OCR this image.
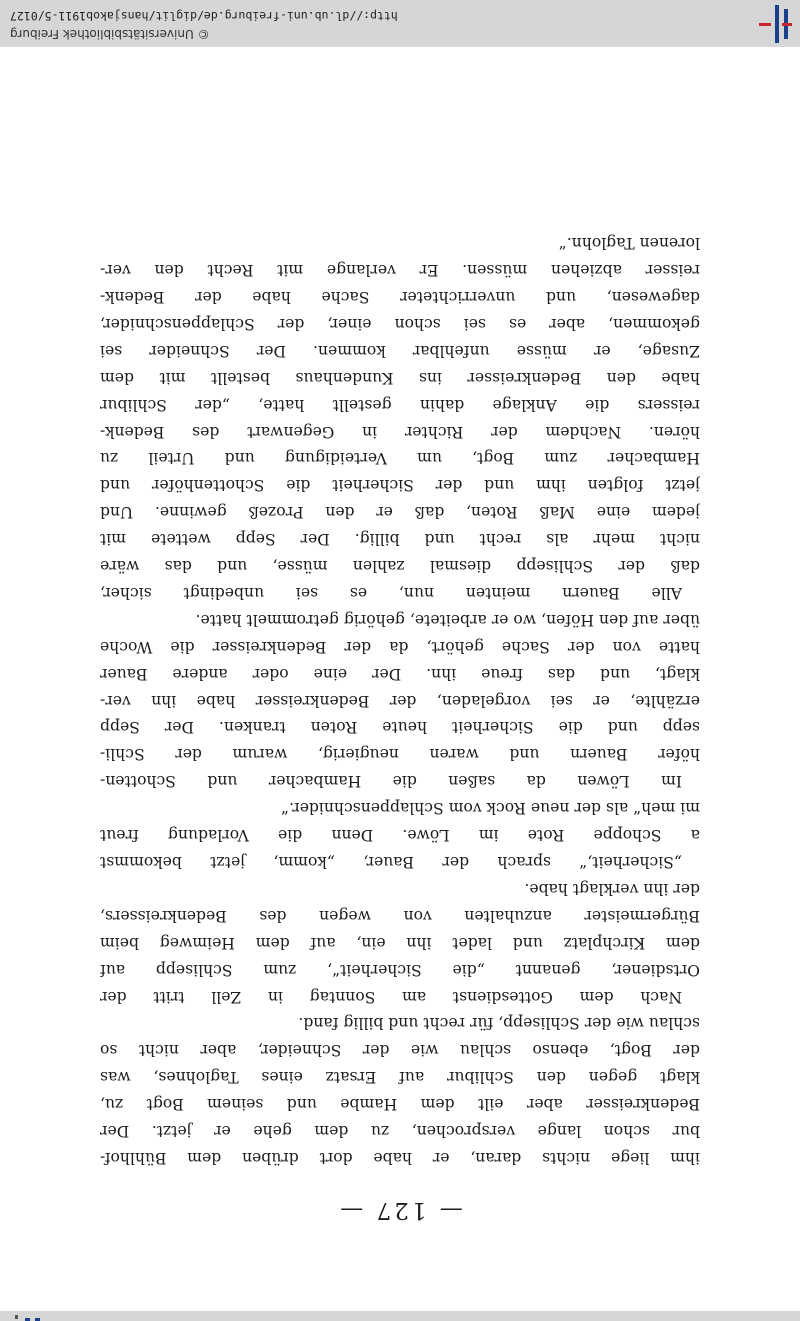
— 127 —
ihm liege nichts daran, er habe dort drüben dem Bühlhof-
bur schon lange versprochen, zu dem gehe er jetzt. Der
Bedenkreisser aber eilt dem Hambe und seinem Bogt zu,
klagt gegen den Schlibur auf Ersatz eines Taglohnes, was
der Bogt, ebenso schlau wie der Schneider, aber nicht so
schlau wie der Schlisepp, für recht und billig fand.
Nach dem Gottesdienst am Sonntag in Zell tritt der
Ortsdiener, genannt „die Sicherheit“, zum Schlisepp auf
dem Kirchplatz und ladet ihn ein, auf dem Heimweg beim
Bürgermeister anzuhalten von wegen des Bedenkreissers,
der ihn verklagt habe.
„Sicherheit,“ sprach der Bauer, „komm, jetzt bekommst
a Schoppe Rote im Löwe. Denn die Vorladung freut
mi meh“ als der neue Rock vom Schlappenschnider.“
Im Löwen da saßen die Hambacher und Schotten-
höfer Bauern und waren neugierig, warum der Schli-
sepp und die Sicherheit heute Roten tranken. Der Sepp
erzählte, er sei vorgeladen, der Bedenkreisser habe ihn ver-
klagt, und das freue ihn. Der eine oder andere Bauer
hatte von der Sache gehört, da der Bedenkreisser die Woche
über auf den Höfen, wo er arbeitete, gehörig getrommelt hatte.
Alle Bauern meinten nun, es sei unbedingt sicher,
daß der Schlisepp diesmal zahlen müsse, und das wäre
nicht mehr als recht und billig. Der Sepp wettete mit
jedem eine Maß Roten, daß er den Prozeß gewinne. Und
jetzt folgten ihm und der Sicherheit die Schottenhöfer und
Hambacher zum Bogt, um Verteidigung und Urteil zu
hören. Nachdem der Richter in Gegenwart des Bedenk-
reissers die Anklage dahin gestellt hatte, „der Schlibur
habe den Bedenkreisser ins Kundenhaus bestellt mit dem
Zusage, er müsse unfehlbar kommen. Der Schneider sei
gekommen, aber es sei schon einer, der Schlappenschnider,
dagewesen, und unverrichteter Sache habe der Bedenk-
reisser abziehen müssen. Er verlange mit Recht den ver-
lorenen Taglohn.“
© Universitätsbibliothek Freiburg
http://dl.ub.uni-freiburg.de/diglit/hansjakob1911-5/0127
